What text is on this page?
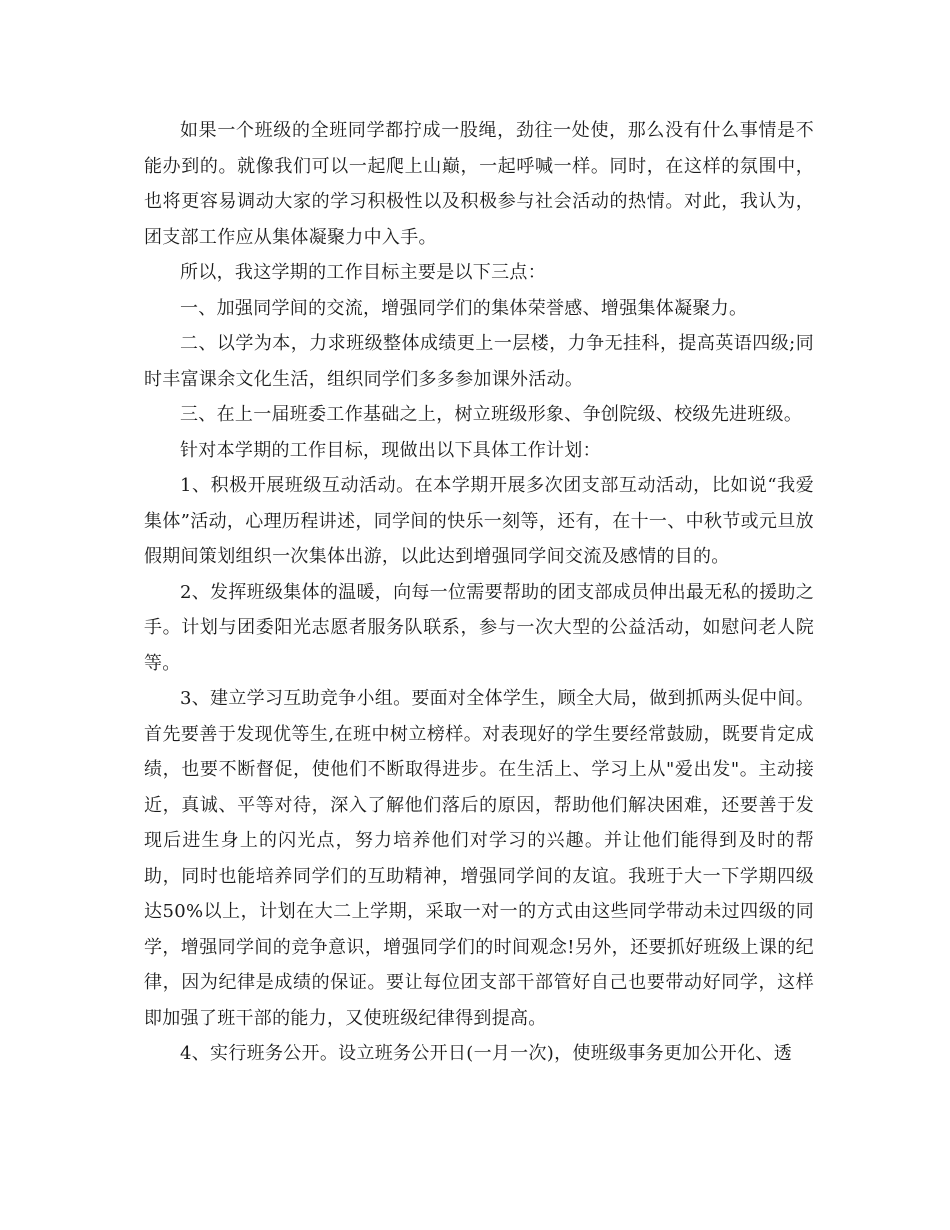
如果一个班级的全班同学都拧成一股绳，劲往一处使，那么没有什么事情是不能办到的。就像我们可以一起爬上山巅，一起呼喊一样。同时，在这样的氛围中，也将更容易调动大家的学习积极性以及积极参与社会活动的热情。对此，我认为，团支部工作应从集体凝聚力中入手。

所以，我这学期的工作目标主要是以下三点：

一、加强同学间的交流，增强同学们的集体荣誉感、增强集体凝聚力。

二、以学为本，力求班级整体成绩更上一层楼，力争无挂科，提高英语四级;同时丰富课余文化生活，组织同学们多多参加课外活动。

三、在上一届班委工作基础之上，树立班级形象、争创院级、校级先进班级。

针对本学期的工作目标，现做出以下具体工作计划：

1、积极开展班级互动活动。在本学期开展多次团支部互动活动，比如说“我爱集体”活动，心理历程讲述，同学间的快乐一刻等，还有，在十一、中秋节或元旦放假期间策划组织一次集体出游，以此达到增强同学间交流及感情的目的。

2、发挥班级集体的温暖，向每一位需要帮助的团支部成员伸出最无私的援助之手。计划与团委阳光志愿者服务队联系，参与一次大型的公益活动，如慰问老人院等。

3、建立学习互助竞争小组。要面对全体学生，顾全大局，做到抓两头促中间。首先要善于发现优等生,在班中树立榜样。对表现好的学生要经常鼓励，既要肯定成绩，也要不断督促，使他们不断取得进步。在生活上、学习上从"爱出发"。主动接近，真诚、平等对待，深入了解他们落后的原因，帮助他们解决困难，还要善于发现后进生身上的闪光点，努力培养他们对学习的兴趣。并让他们能得到及时的帮助，同时也能培养同学们的互助精神，增强同学间的友谊。我班于大一下学期四级达50%以上，计划在大二上学期，采取一对一的方式由这些同学带动未过四级的同学，增强同学间的竞争意识，增强同学们的时间观念!另外，还要抓好班级上课的纪律，因为纪律是成绩的保证。要让每位团支部干部管好自己也要带动好同学，这样即加强了班干部的能力，又使班级纪律得到提高。

4、实行班务公开。设立班务公开日(一月一次)，使班级事务更加公开化、透
